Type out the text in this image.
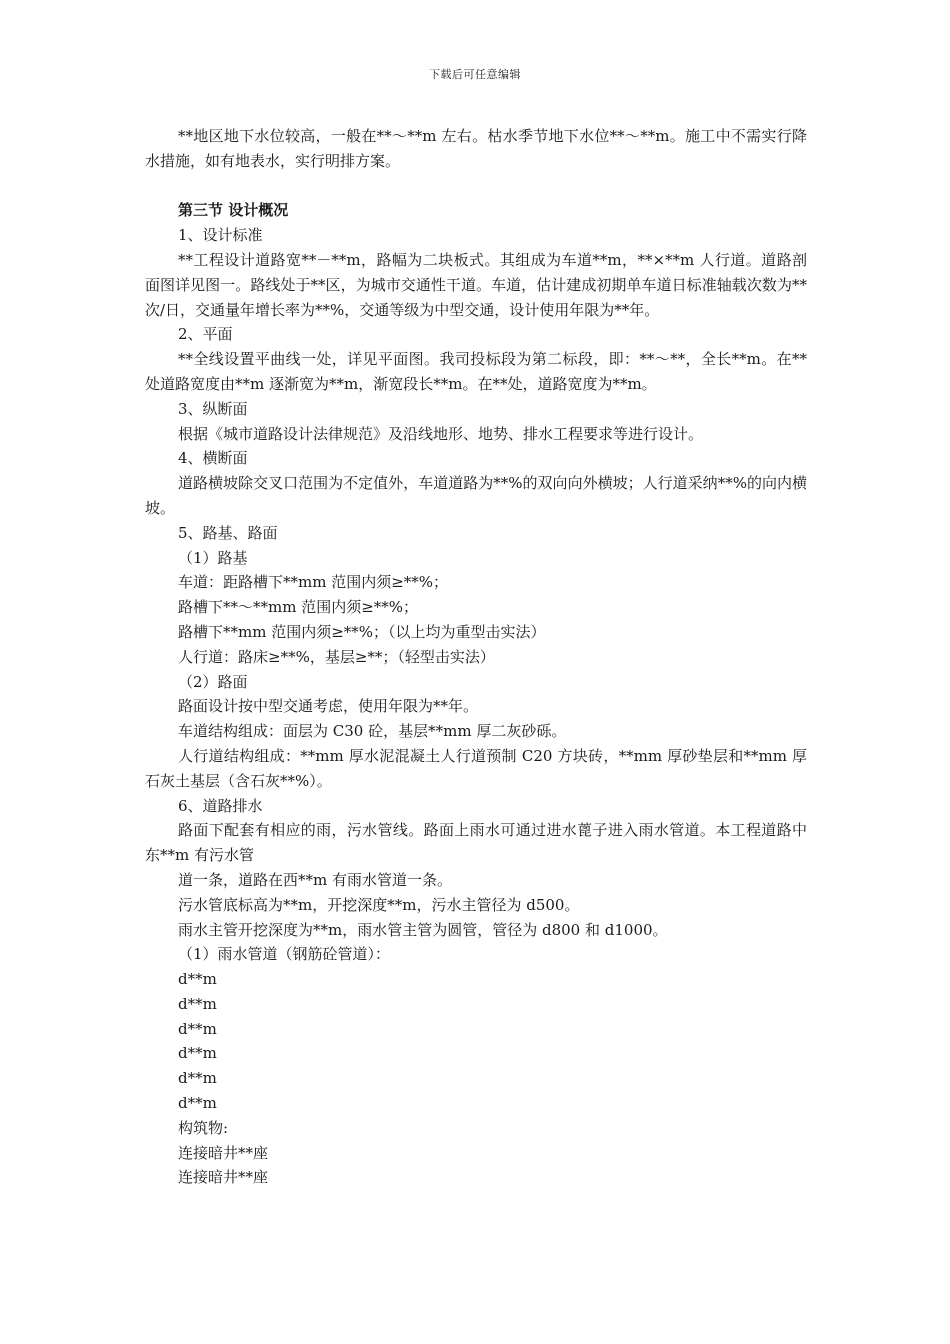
下载后可任意编辑

**地区地下水位较高，一般在**～**m 左右。枯水季节地下水位**～**m。施工中不需实行降水措施，如有地表水，实行明排方案。

第三节 设计概况

1、设计标准

**工程设计道路宽**－**m，路幅为二块板式。其组成为车道**m，**×**m 人行道。道路剖面图详见图一。路线处于**区，为城市交通性干道。车道，估计建成初期单车道日标准轴载次数为**次/日，交通量年增长率为**%，交通等级为中型交通，设计使用年限为**年。

2、平面

**全线设置平曲线一处，详见平面图。我司投标段为第二标段，即：**～**，全长**m。在**处道路宽度由**m 逐渐宽为**m，渐宽段长**m。在**处，道路宽度为**m。

3、纵断面

根据《城市道路设计法律规范》及沿线地形、地势、排水工程要求等进行设计。

4、横断面

道路横坡除交叉口范围为不定值外，车道道路为**%的双向向外横坡；人行道采纳**%的向内横坡。

5、路基、路面

（1）路基

车道：距路槽下**mm 范围内须≥**%；

路槽下**～**mm 范围内须≥**%；

路槽下**mm 范围内须≥**%；（以上均为重型击实法）

人行道：路床≥**%，基层≥**；（轻型击实法）

（2）路面

路面设计按中型交通考虑，使用年限为**年。

车道结构组成：面层为 C30 砼，基层**mm 厚二灰砂砾。

人行道结构组成：**mm 厚水泥混凝土人行道预制 C20 方块砖，**mm 厚砂垫层和**mm 厚石灰土基层（含石灰**%）。

6、道路排水

路面下配套有相应的雨，污水管线。路面上雨水可通过进水蓖子进入雨水管道。本工程道路中东**m 有污水管

道一条，道路在西**m 有雨水管道一条。

污水管底标高为**m，开挖深度**m，污水主管径为 d500。

雨水主管开挖深度为**m，雨水管主管为圆管，管径为 d800 和 d1000。

（1）雨水管道（钢筋砼管道）：

d**m

d**m

d**m

d**m

d**m

d**m

构筑物:

连接暗井**座

连接暗井**座
